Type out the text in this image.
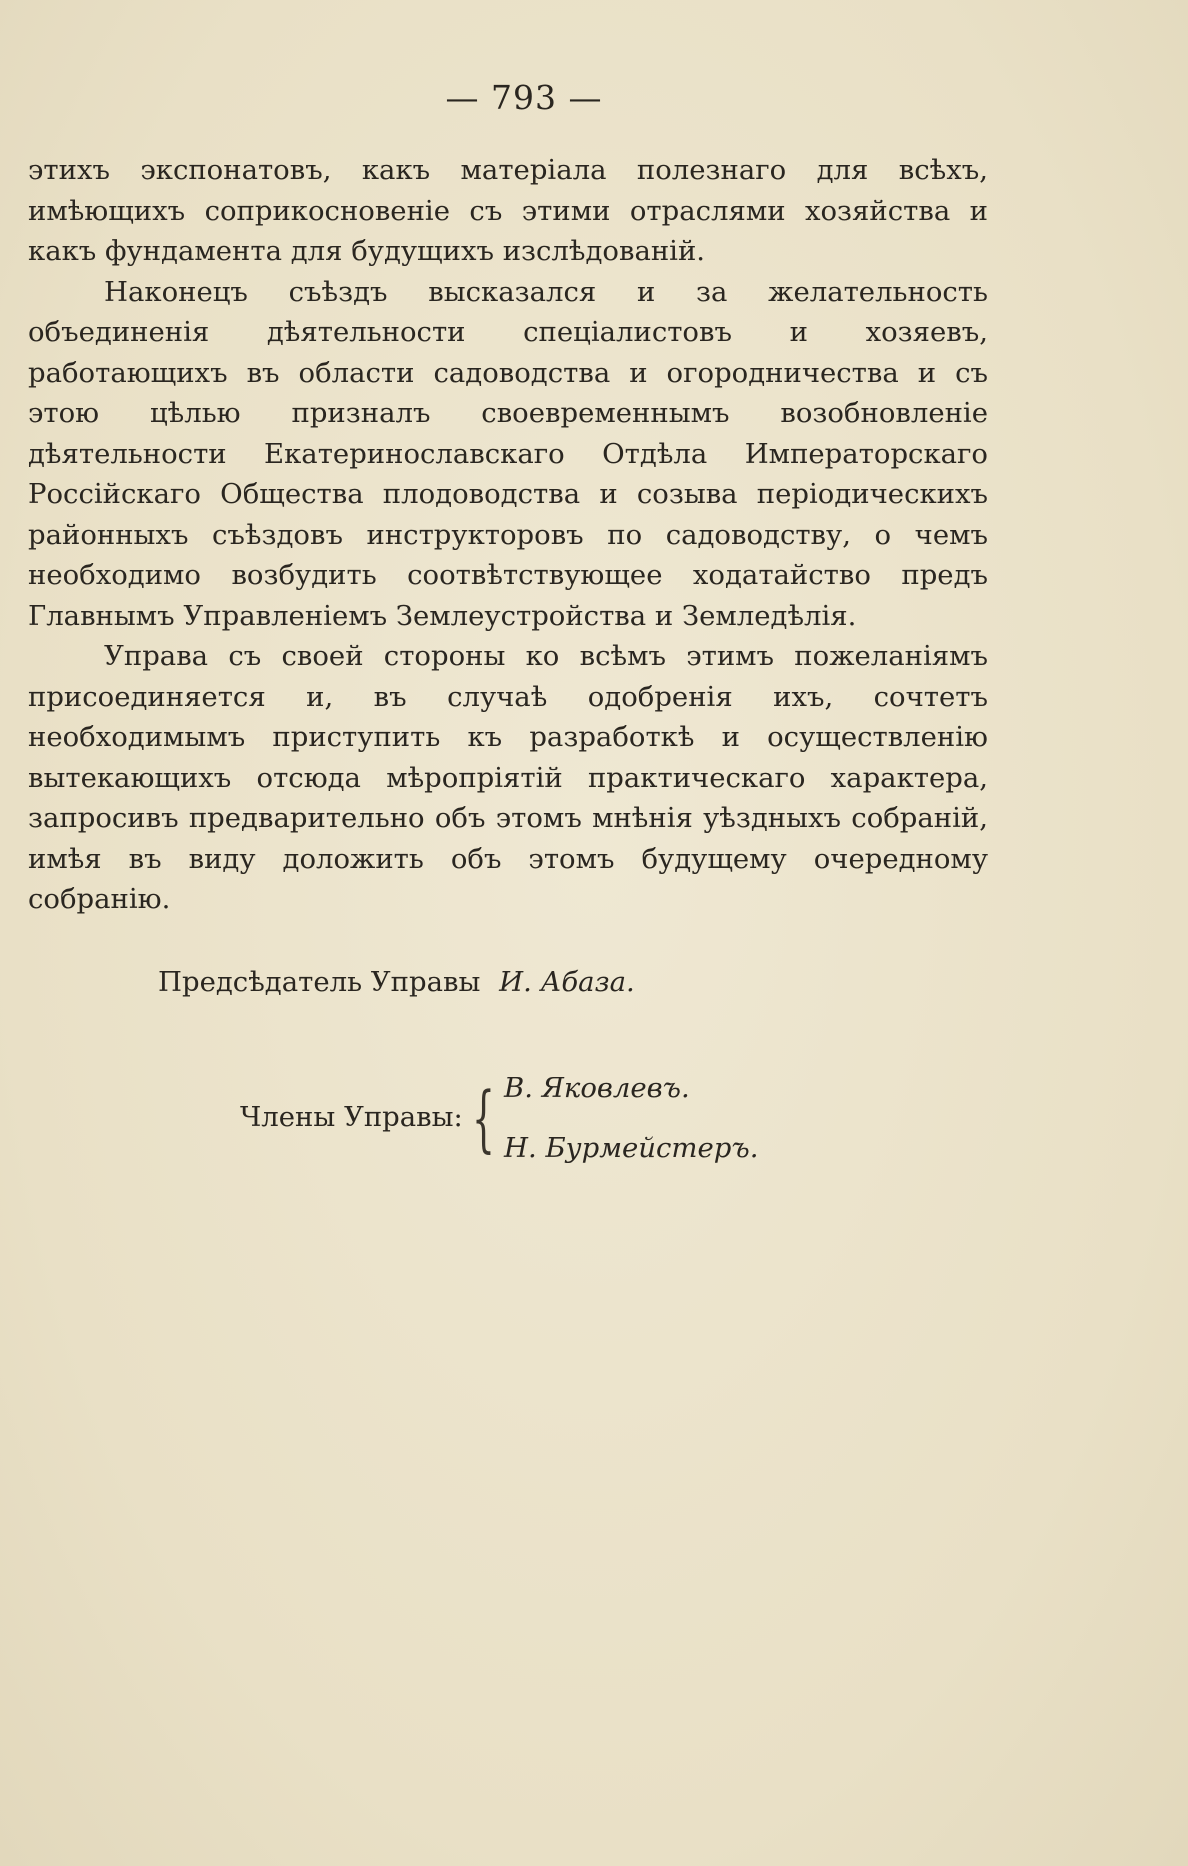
— 793 —

этихъ экспонатовъ, какъ матеріала полезнаго для всѣхъ, имѣющихъ соприкосновеніе съ этими отраслями хозяйства и какъ фундамента для будущихъ изслѣдованій.

Наконецъ съѣздъ высказался и за желательность объединенія дѣятельности спеціалистовъ и хозяевъ, работающихъ въ области садоводства и огородничества и съ этою цѣлью призналъ своевременнымъ возобновленіе дѣятельности Екатеринославскаго Отдѣла Императорскаго Россійскаго Общества плодоводства и созыва періодическихъ районныхъ съѣздовъ инструкторовъ по садоводству, о чемъ необходимо возбудить соотвѣтствующее ходатайство предъ Главнымъ Управленіемъ Землеустройства и Земледѣлія.

Управа съ своей стороны ко всѣмъ этимъ пожеланіямъ присоединяется и, въ случаѣ одобренія ихъ, сочтетъ необходимымъ приступить къ разработкѣ и осуществленію вытекающихъ отсюда мѣропріятій практическаго характера, запросивъ предварительно объ этомъ мнѣнія уѣздныхъ собраній, имѣя въ виду доложить объ этомъ будущему очередному собранію.

Предсѣдатель Управы И. Абаза.
Члены Управы: { В. Яковлевъ.
Н. Бурмейстеръ.
